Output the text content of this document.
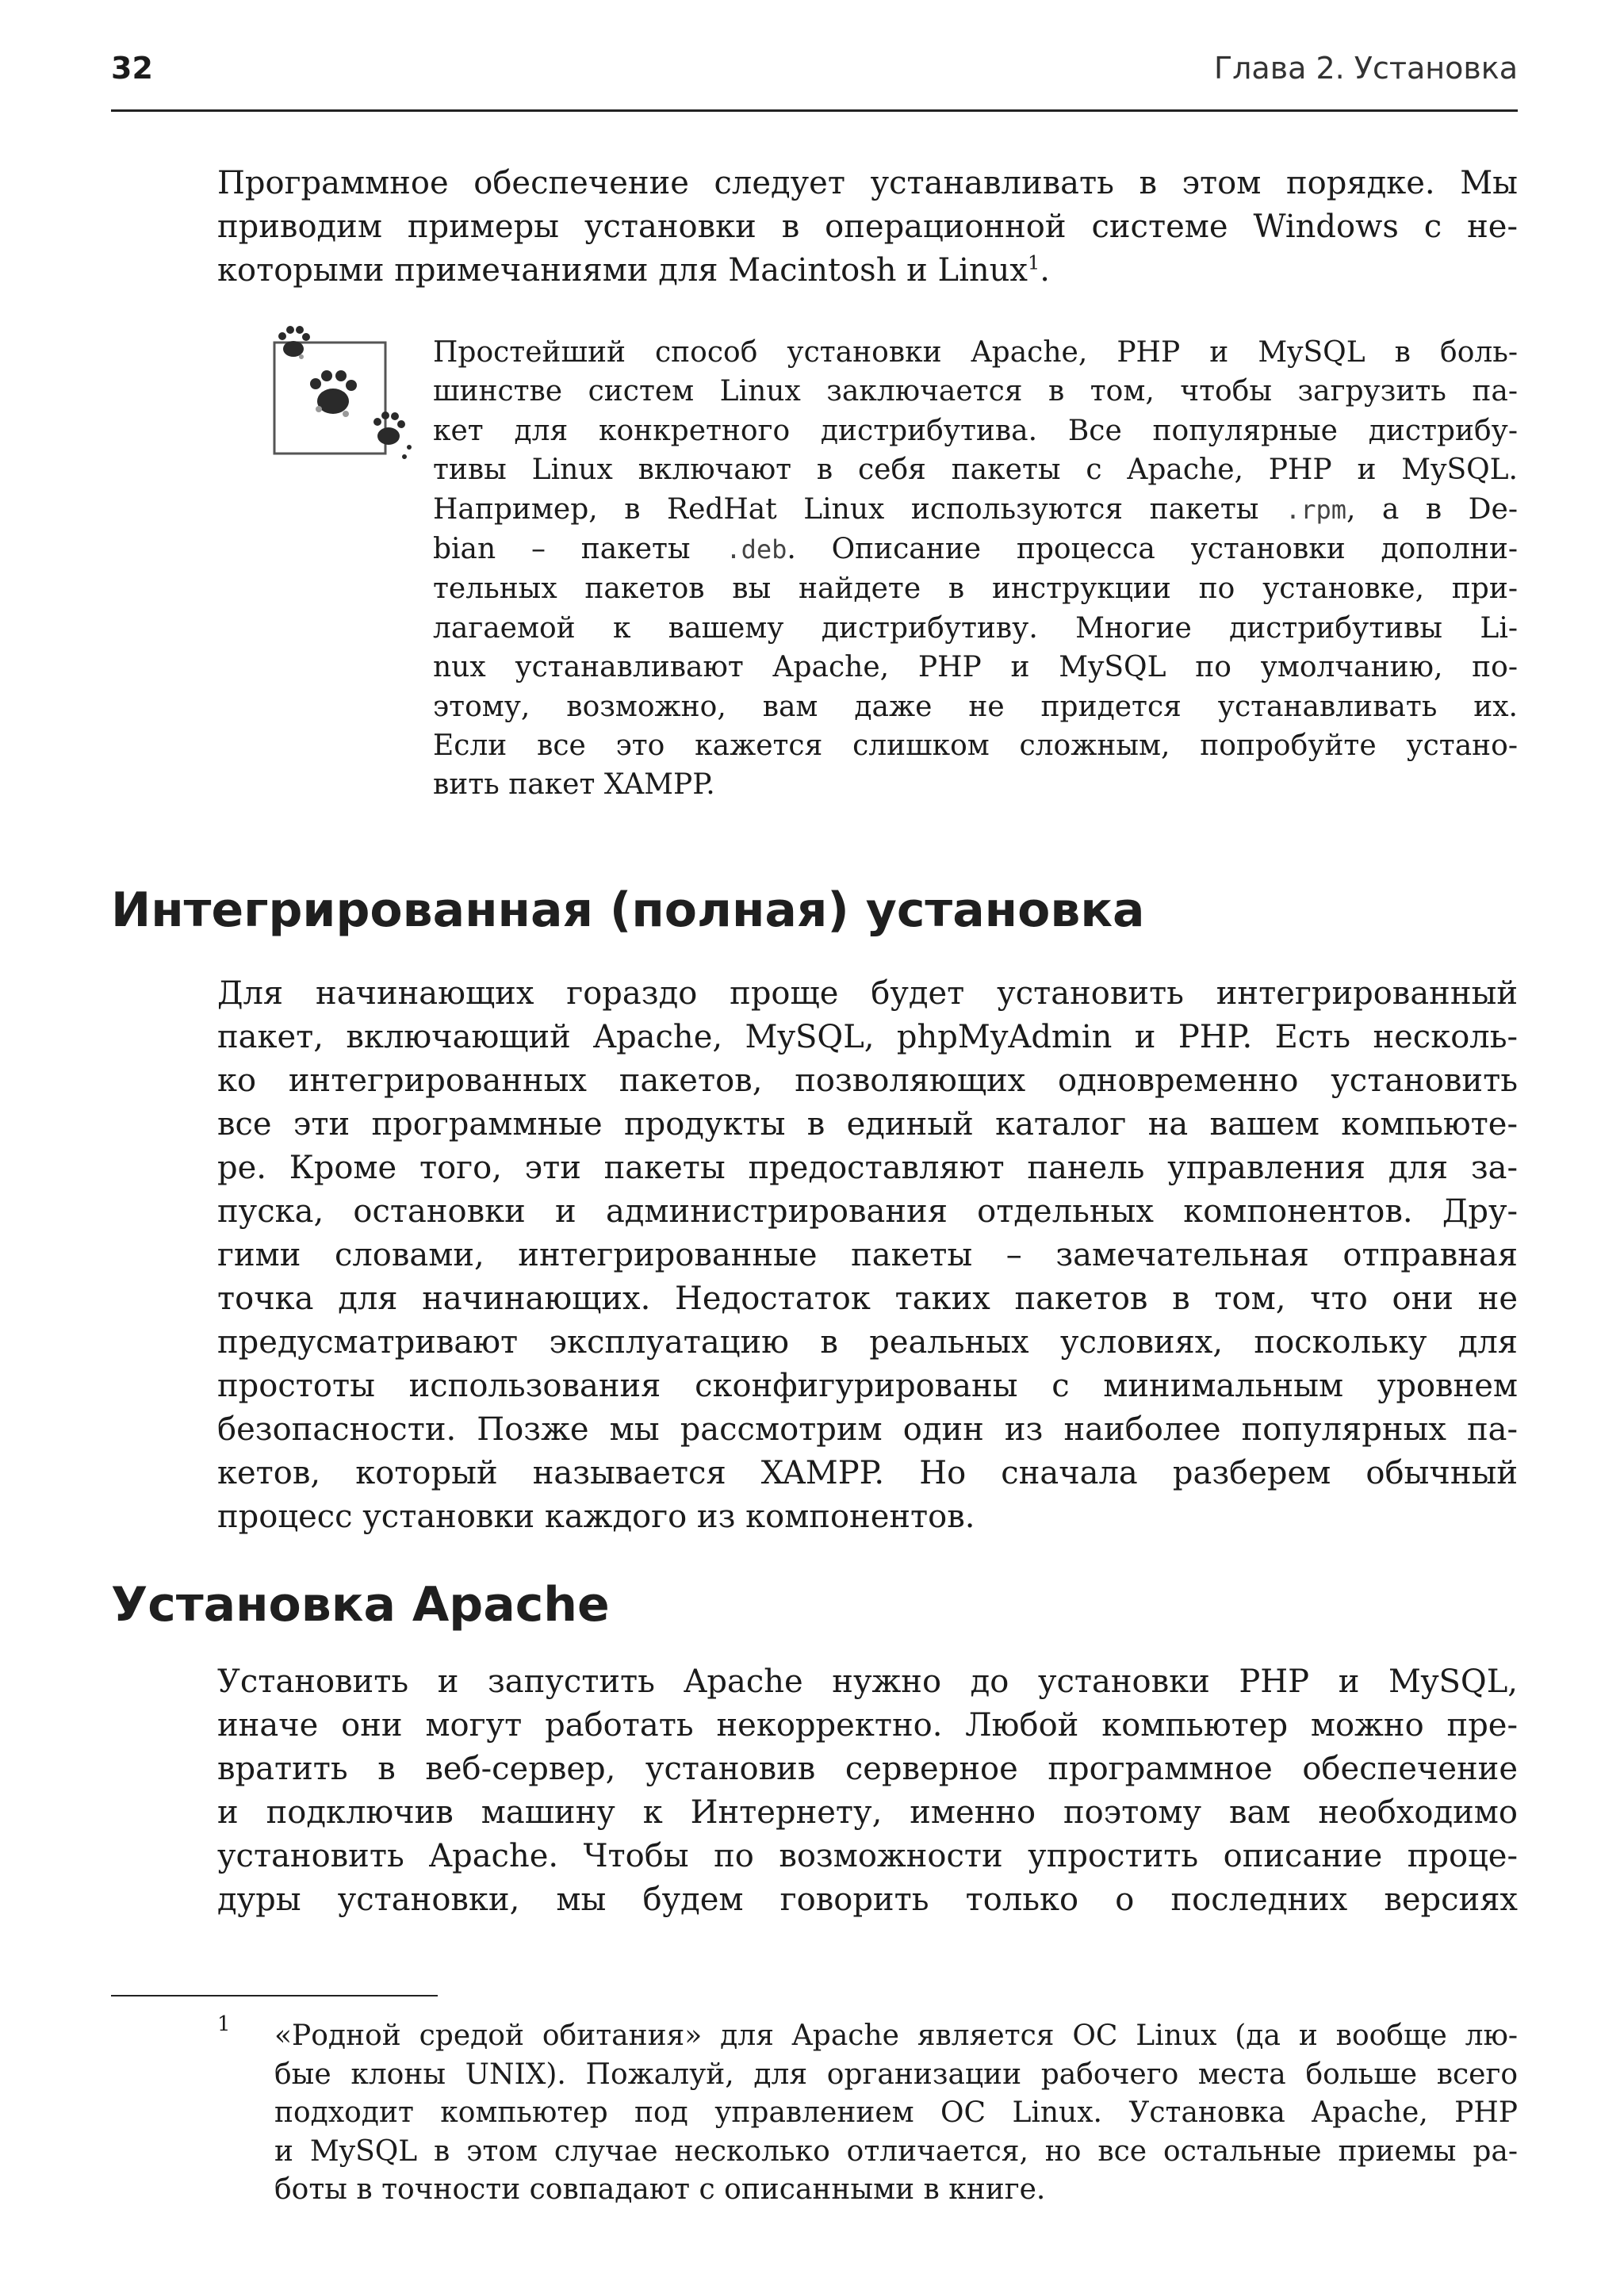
32	Глава 2. Установка
Программное обеспечение следует устанавливать в этом порядке. Мы
приводим примеры установки в операционной системе Windows с не-
которыми примечаниями для Macintosh и Linux$^1$.
Простейший способ установки Apache, PHP и MySQL в боль-
шинстве систем Linux заключается в том, чтобы загрузить па-
кет для конкретного дистрибутива. Все популярные дистрибу-
тивы Linux включают в себя пакеты с Apache, PHP и MySQL.
Например, в RedHat Linux используются пакеты .rpm, а в De-
bian – пакеты .deb. Описание процесса установки дополни-
тельных пакетов вы найдете в инструкции по установке, при-
лагаемой к вашему дистрибутиву. Многие дистрибутивы Li-
nux устанавливают Apache, PHP и MySQL по умолчанию, по-
этому, возможно, вам даже не придется устанавливать их.
Если все это кажется слишком сложным, попробуйте устано-
вить пакет XAMPP.
Интегрированная (полная) установка
Для начинающих гораздо проще будет установить интегрированный
пакет, включающий Apache, MySQL, phpMyAdmin и PHP. Есть несколь-
ко интегрированных пакетов, позволяющих одновременно установить
все эти программные продукты в единый каталог на вашем компьюте-
ре. Кроме того, эти пакеты предоставляют панель управления для за-
пуска, остановки и администрирования отдельных компонентов. Дру-
гими словами, интегрированные пакеты – замечательная отправная
точка для начинающих. Недостаток таких пакетов в том, что они не
предусматривают эксплуатацию в реальных условиях, поскольку для
простоты использования сконфигурированы с минимальным уровнем
безопасности. Позже мы рассмотрим один из наиболее популярных па-
кетов, который называется XAMPP. Но сначала разберем обычный
процесс установки каждого из компонентов.
Установка Apache
Установить и запустить Apache нужно до установки PHP и MySQL,
иначе они могут работать некорректно. Любой компьютер можно пре-
вратить в веб-сервер, установив серверное программное обеспечение
и подключив машину к Интернету, именно поэтому вам необходимо
установить Apache. Чтобы по возможности упростить описание проце-
дуры установки, мы будем говорить только о последних версиях
1 «Родной средой обитания» для Apache является ОС Linux (да и вообще лю-
бые клоны UNIX). Пожалуй, для организации рабочего места больше всего
подходит компьютер под управлением ОС Linux. Установка Apache, PHP
и MySQL в этом случае несколько отличается, но все остальные приемы ра-
боты в точности совпадают с описанными в книге.
